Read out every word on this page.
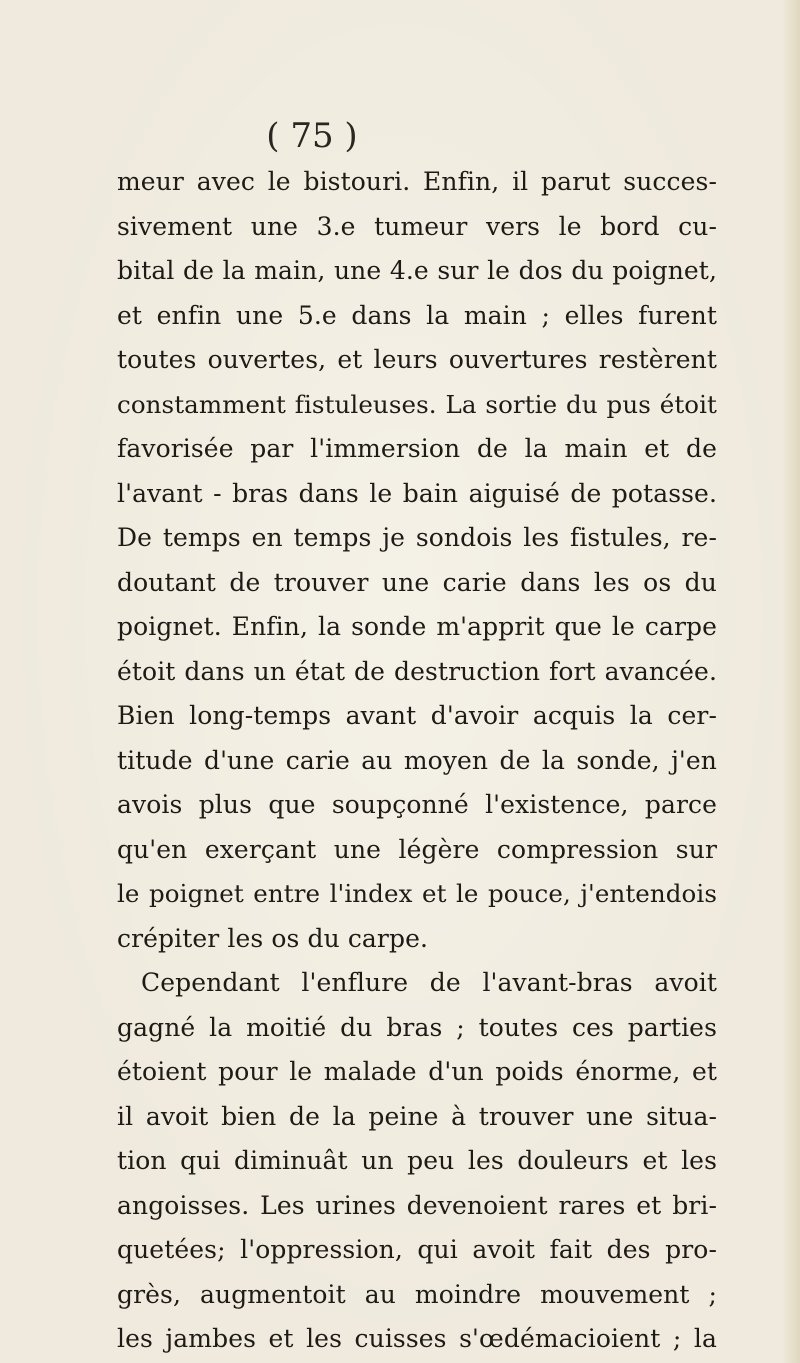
( 75 )
meur avec le bistouri. Enfin, il parut succes-
sivement une 3.e tumeur vers le bord cu-
bital de la main, une 4.e sur le dos du poignet,
et enfin une 5.e dans la main ; elles furent
toutes ouvertes, et leurs ouvertures restèrent
constamment fistuleuses. La sortie du pus étoit
favorisée par l'immersion de la main et de
l'avant - bras dans le bain aiguisé de potasse.
De temps en temps je sondois les fistules, re-
doutant de trouver une carie dans les os du
poignet. Enfin, la sonde m'apprit que le carpe
étoit dans un état de destruction fort avancée.
Bien long-temps avant d'avoir acquis la cer-
titude d'une carie au moyen de la sonde, j'en
avois plus que soupçonné l'existence, parce
qu'en exerçant une légère compression sur
le poignet entre l'index et le pouce, j'entendois
crépiter les os du carpe.
Cependant l'enflure de l'avant-bras avoit
gagné la moitié du bras ; toutes ces parties
étoient pour le malade d'un poids énorme, et
il avoit bien de la peine à trouver une situa-
tion qui diminuât un peu les douleurs et les
angoisses. Les urines devenoient rares et bri-
quetées; l'oppression, qui avoit fait des pro-
grès, augmentoit au moindre mouvement ;
les jambes et les cuisses s'œdémacioient ; la
